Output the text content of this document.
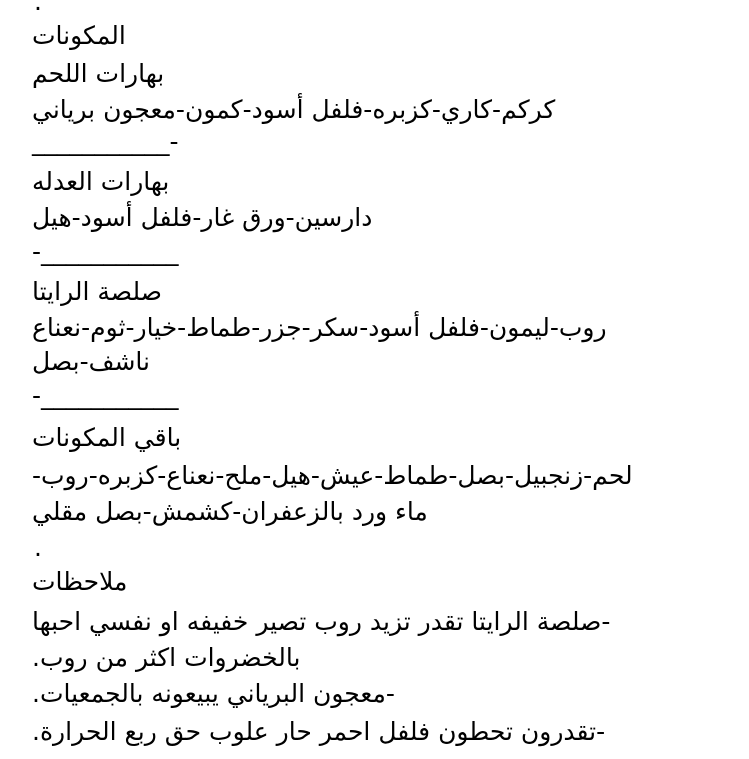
.
المكونات
بهارات اللحم
كركم-كاري-كزبره-فلفل أسود-كمون-معجون برياني
-___________
بهارات العدله
دارسين-ورق غار-فلفل أسود-هيل
___________-
صلصة الرايتا
روب-ليمون-فلفل أسود-سكر-جزر-طماط-خيار-ثوم-نعناع
ناشف-بصل
___________-
باقي المكونات
لحم-زنجبيل-بصل-طماط-عيش-هيل-ملح-نعناع-كزبره-روب-
ماء ورد بالزعفران-كشمش-بصل مقلي
.
ملاحظات
-صلصة الرايتا تقدر تزيد روب تصير خفيفه او نفسي احبها
بالخضروات اكثر من روب.
-معجون البرياني يبيعونه بالجمعيات.
-تقدرون تحطون فلفل احمر حار علوب حق ربع الحرارة.
